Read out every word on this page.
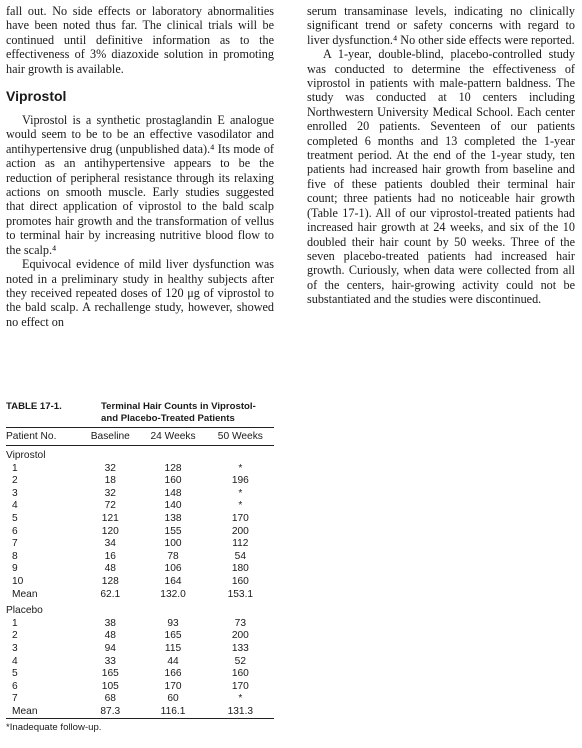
fall out. No side effects or laboratory abnormalities have been noted thus far. The clinical trials will be continued until definitive information as to the effectiveness of 3% diazoxide solution in promoting hair growth is available.

Viprostol

Viprostol is a synthetic prostaglandin E analogue would seem to be to be an effective vasodilator and antihypertensive drug (unpublished data).⁴ Its mode of action as an antihypertensive appears to be the reduction of peripheral resistance through its relaxing actions on smooth muscle. Early studies suggested that direct application of viprostol to the bald scalp promotes hair growth and the transformation of vellus to terminal hair by increasing nutritive blood flow to the scalp.⁴

Equivocal evidence of mild liver dysfunction was noted in a preliminary study in healthy subjects after they received repeated doses of 120 μg of viprostol to the bald scalp. A rechallenge study, however, showed no effect on

serum transaminase levels, indicating no clinically significant trend or safety concerns with regard to liver dysfunction.⁴ No other side effects were reported.

A 1-year, double-blind, placebo-controlled study was conducted to determine the effectiveness of viprostol in patients with male-pattern baldness. The study was conducted at 10 centers including Northwestern University Medical School. Each center enrolled 20 patients. Seventeen of our patients completed 6 months and 13 completed the 1-year treatment period. At the end of the 1-year study, ten patients had increased hair growth from baseline and five of these patients doubled their terminal hair count; three patients had no noticeable hair growth (Table 17-1). All of our viprostol-treated patients had increased hair growth at 24 weeks, and six of the 10 doubled their hair count by 50 weeks. Three of the seven placebo-treated patients had increased hair growth. Curiously, when data were collected from all of the centers, hair-growing activity could not be substantiated and the studies were discontinued.

TABLE 17-1.	Terminal Hair Counts in Viprostol-
and Placebo-Treated Patients
Patient No.	Baseline	24 Weeks	50 Weeks
Viprostol			
1	32	128	*
2	18	160	196
3	32	148	*
4	72	140	*
5	121	138	170
6	120	155	200
7	34	100	112
8	16	78	54
9	48	106	180
10	128	164	160
Mean	62.1	132.0	153.1
Placebo			
1	38	93	73
2	48	165	200
3	94	115	133
4	33	44	52
5	165	166	160
6	105	170	170
7	68	60	*
Mean	87.3	116.1	131.3
*Inadequate follow-up.			
